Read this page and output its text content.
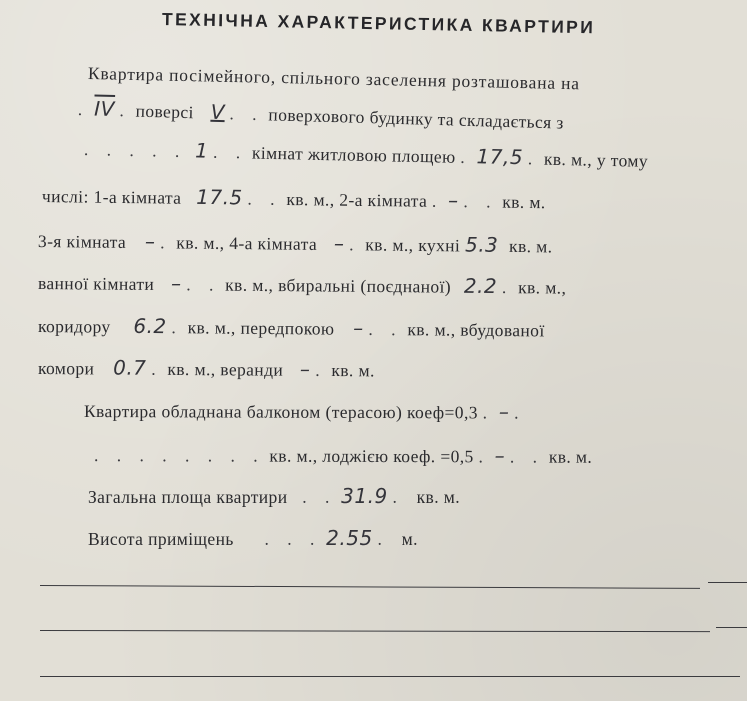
ТЕХНІЧНА ХАРАКТЕРИСТИКА КВАРТИРИ
Квартира посімейного, спільного заселення розташована на
. ІV . поверсі V . . поверхового будинку та складається з
. . . . . 1 . . кімнат житловою площею . 17,5 . кв. м., у тому
числі: 1-а кімната 17.5 . . кв. м., 2-а кімната . – . . кв. м.
3-я кімната – . кв. м., 4-а кімната – . кв. м., кухні 5.3 кв. м.
ванної кімнати – . . кв. м., вбиральні (поєднаної) 2.2 . кв. м.,
коридору 6.2 . кв. м., передпокою – . . кв. м., вбудованої
комори 0.7 . кв. м., веранди – . кв. м.
Квартира обладнана балконом (терасою) коеф=0,3 . – .
. . . . . . . . кв. м., лоджією коеф. =0,5 . – . . кв. м.
Загальна площа квартири . . 31.9 . кв. м.
Висота приміщень . . . 2.55 . м.
